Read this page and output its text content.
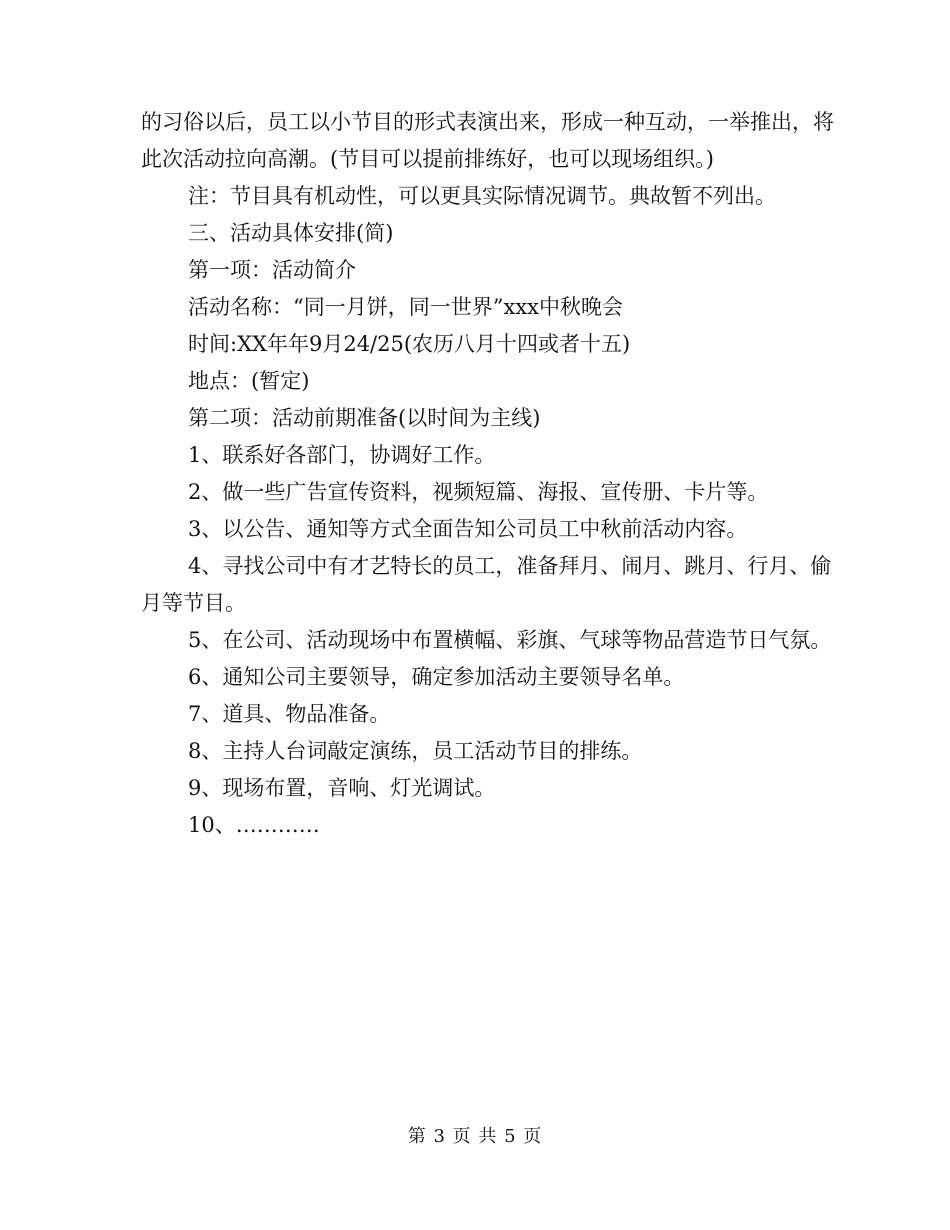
的习俗以后，员工以小节目的形式表演出来，形成一种互动，一举推出，将此次活动拉向高潮。(节目可以提前排练好，也可以现场组织。)

注：节目具有机动性，可以更具实际情况调节。典故暂不列出。

三、活动具体安排(简)

第一项：活动简介

活动名称：“同一月饼，同一世界”xxx中秋晚会

时间:XX年年9月24/25(农历八月十四或者十五)

地点：(暂定)

第二项：活动前期准备(以时间为主线)

1、联系好各部门，协调好工作。

2、做一些广告宣传资料，视频短篇、海报、宣传册、卡片等。

3、以公告、通知等方式全面告知公司员工中秋前活动内容。

4、寻找公司中有才艺特长的员工，准备拜月、闹月、跳月、行月、偷月等节目。

5、在公司、活动现场中布置横幅、彩旗、气球等物品营造节日气氛。

6、通知公司主要领导，确定参加活动主要领导名单。

7、道具、物品准备。

8、主持人台词敲定演练，员工活动节目的排练。

9、现场布置，音响、灯光调试。

10、…………

第 3 页 共 5 页
